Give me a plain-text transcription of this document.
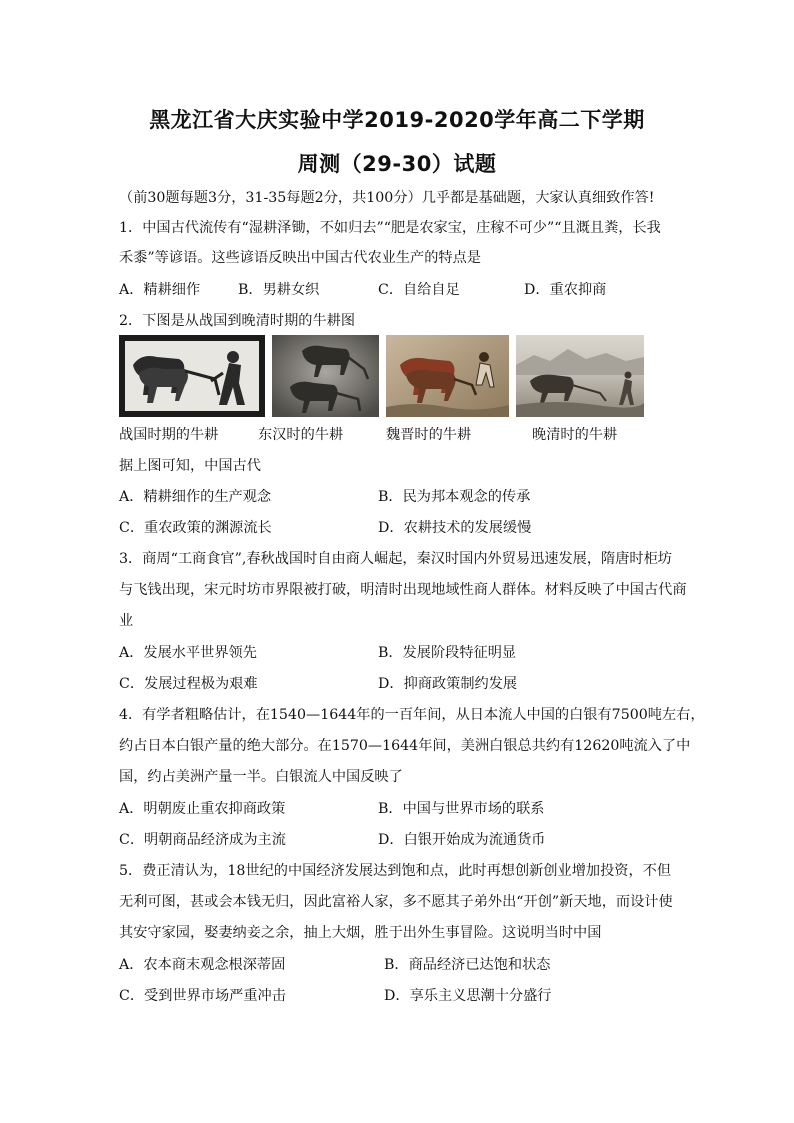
黑龙江省大庆实验中学2019-2020学年高二下学期
周测（29-30）试题
（前30题每题3分，31-35每题2分，共100分）几乎都是基础题，大家认真细致作答!
1．中国古代流传有“湿耕泽锄，不如归去”“肥是农家宝，庄稼不可少”“且溉且粪，长我
禾黍”等谚语。这些谚语反映出中国古代农业生产的特点是
A．精耕细作	B．男耕女织	C．自给自足	D．重农抑商
2．下图是从战国到晚清时期的牛耕图
战国时期的牛耕	东汉时的牛耕	魏晋时的牛耕	晚清时的牛耕
据上图可知，中国古代
A．精耕细作的生产观念	B．民为邦本观念的传承
C．重农政策的渊源流长	D．农耕技术的发展缓慢
3．商周“工商食官”,春秋战国时自由商人崛起，秦汉时国内外贸易迅速发展，隋唐时柜坊
与飞钱出现，宋元时坊市界限被打破，明清时出现地域性商人群体。材料反映了中国古代商
业
A．发展水平世界领先	B．发展阶段特征明显
C．发展过程极为艰难	D．抑商政策制约发展
4．有学者粗略估计，在1540—1644年的一百年间，从日本流人中国的白银有7500吨左右，
约占日本白银产量的绝大部分。在1570—1644年间，美洲白银总共约有12620吨流入了中
国，约占美洲产量一半。白银流人中国反映了
A．明朝废止重农抑商政策	B．中国与世界市场的联系
C．明朝商品经济成为主流	D．白银开始成为流通货币
5．费正清认为，18世纪的中国经济发展达到饱和点，此时再想创新创业增加投资，不但
无利可图，甚或会本钱无归，因此富裕人家，多不愿其子弟外出“开创”新天地，而设计使
其安守家园，娶妻纳妾之余，抽上大烟，胜于出外生事冒险。这说明当时中国
A．农本商末观念根深蒂固	B．商品经济已达饱和状态
C．受到世界市场严重冲击	D．享乐主义思潮十分盛行
